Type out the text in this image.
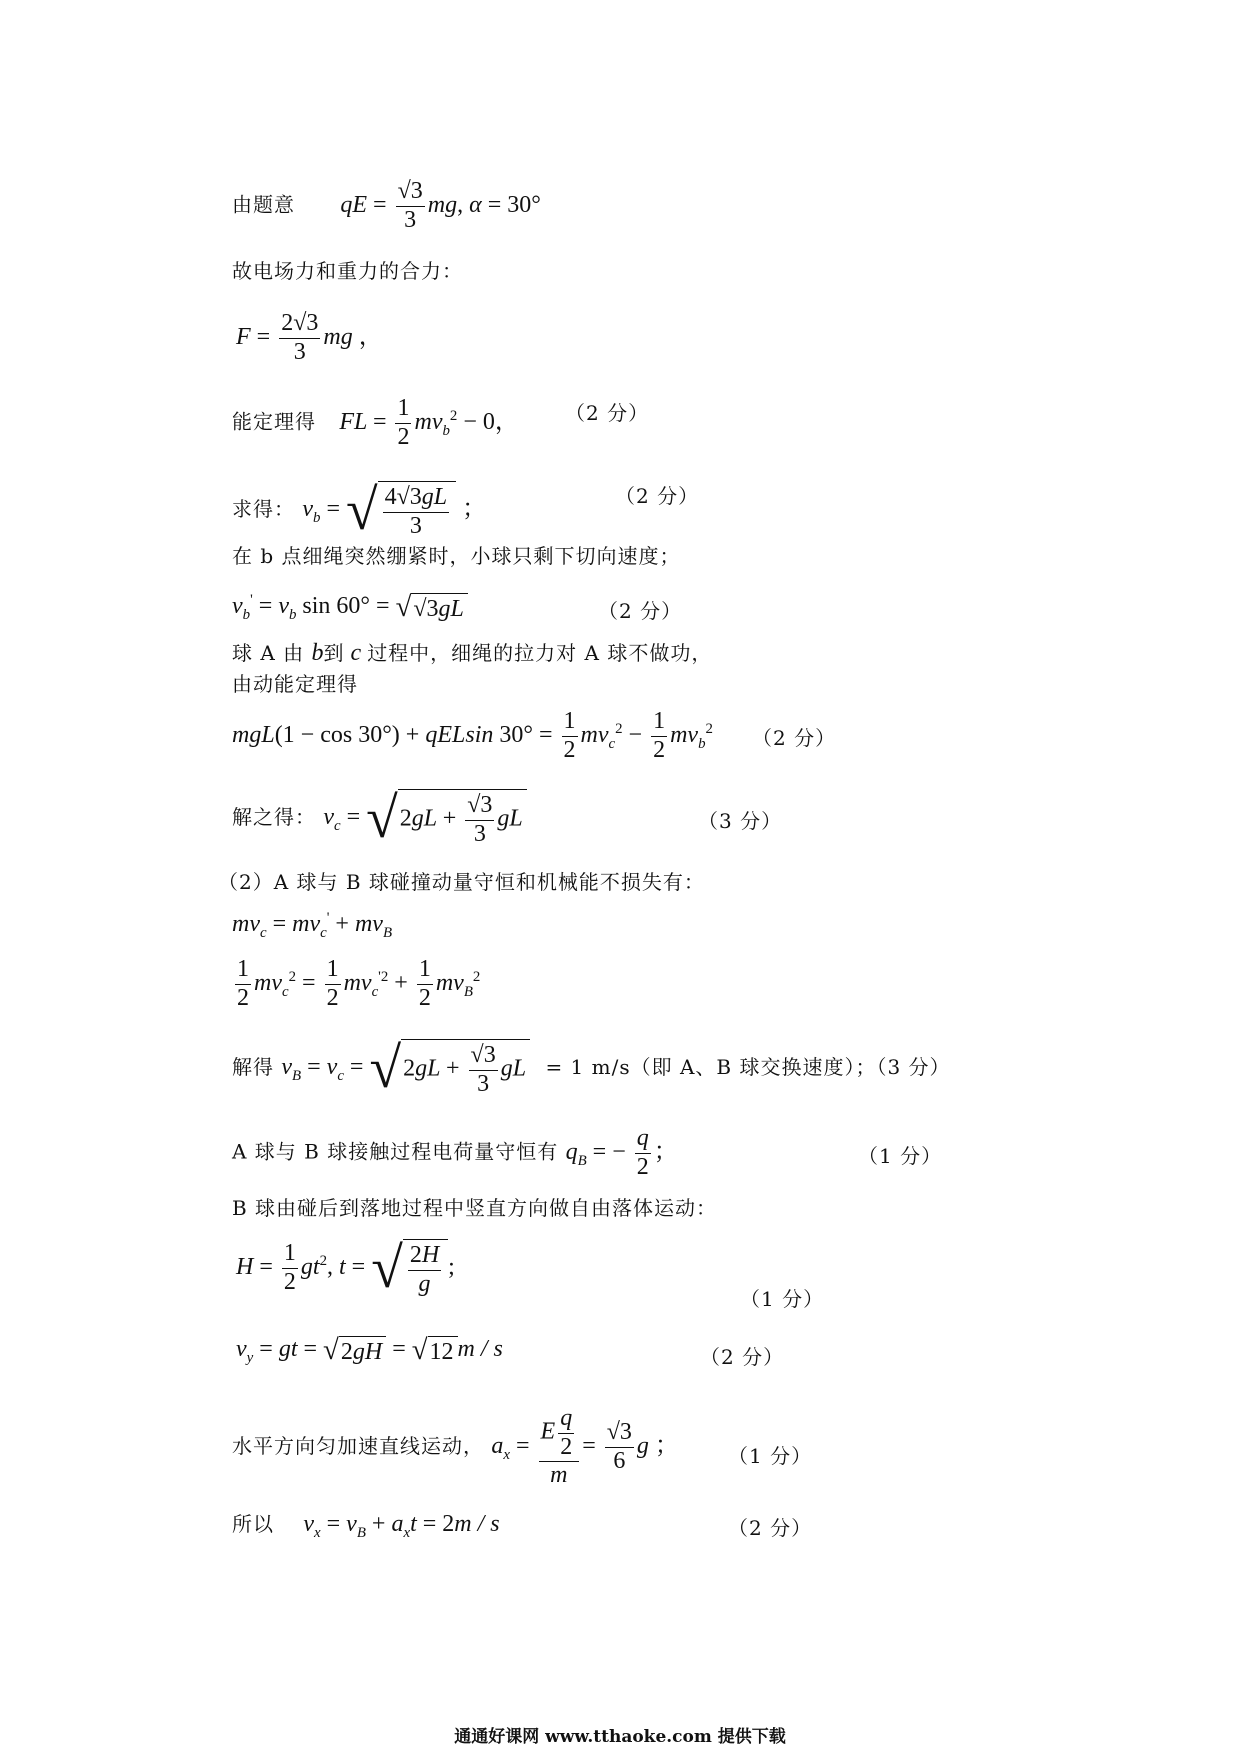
由题意 qE = $\frac{√3}{3}$ mg, α = 30°
故电场力和重力的合力：
$F = \frac{2√3}{3}$ mg ，
能定理得 FL = $\frac{1}{2} mv_b^2 - 0$， （2 分）
求得： $v_b$ = √ $\frac{4√3gL}{3}$ ；
（2 分）
在 b 点细绳突然绷紧时，小球只剩下切向速度；
$v_b' = v_b$ sin 60° = √√3gL	（2 分）
球 A 由 b到 c 过程中，细绳的拉力对 A 球不做功，
由动能定理得
mgL(1 − cos 30°) + qELsin $30^\circ = \frac{1}{2} mv_c^2 - \frac{1}{2} mv_b^2$ （2 分）
解之得： $v_c = √2gL + \frac{√3}{3}$ gL	（3 分）
（2）A 球与 B 球碰撞动量守恒和机械能不损失有：
$mv_c = mv_c' + mv_B$
$\frac{1}{2} mv_c^2 = \frac{1}{2} mv_c^{'2} + \frac{1}{2} mv_B^2$
解得 $v_B = v_c = √2gL + \frac{√3}{3}$ gL = 1 m/s（即 A、B 球交换速度）；（3 分）
A 球与 B 球接触过程电荷量守恒有 $q_B$ = − $\frac{q}{2}$ ；	（1 分）
B 球由碰后到落地过程中竖直方向做自由落体运动：
$H = \frac{1}{2} gt^2$, t = √ $\frac{2H}{g}$ ;
（1 分）
$v_y$ = gt = √2gH = √12 m / s	（2 分）
水平方向匀加速直线运动， $a_x = \frac{E \frac{q}{2}}{m} = \frac{√3}{6}$ g ； （1 分）
所以 $v_x = v_B + a_xt = 2m / s$	（2 分）
通通好课网 www.tthaoke.com 提供下载
